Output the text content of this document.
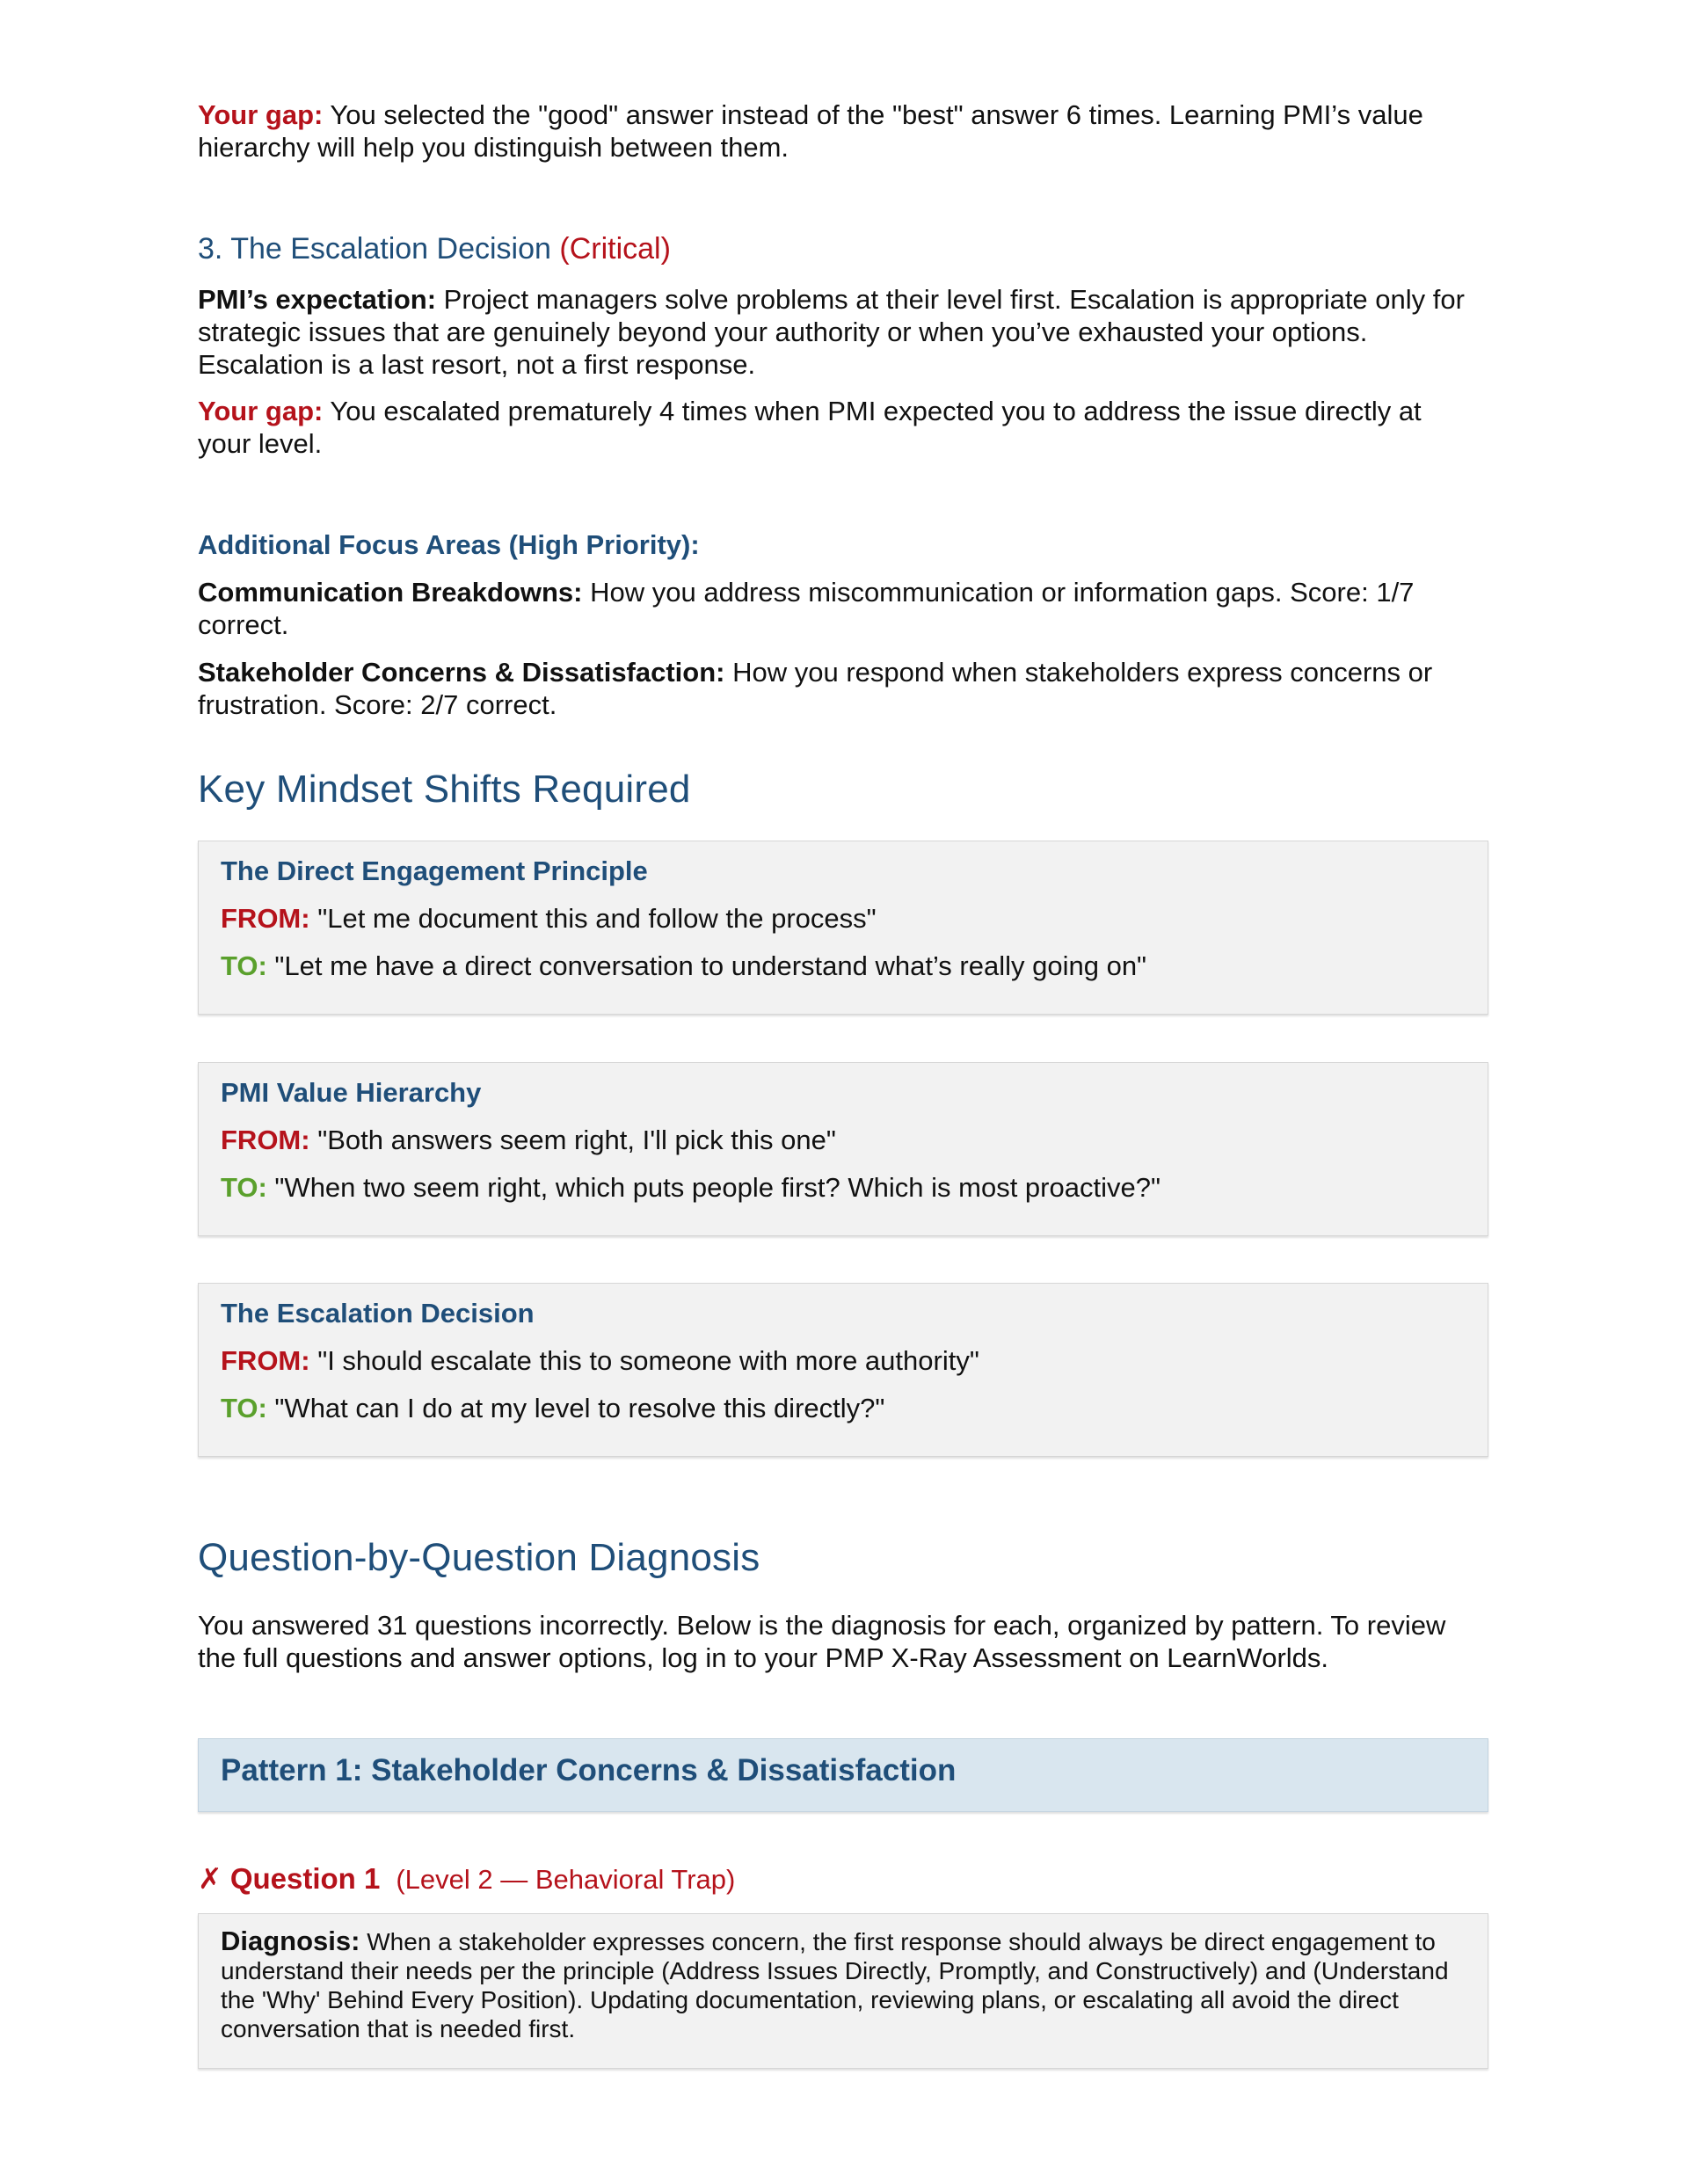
Your gap: You selected the "good" answer instead of the "best" answer 6 times. Learning PMI’s value hierarchy will help you distinguish between them.

3. The Escalation Decision (Critical)

PMI’s expectation: Project managers solve problems at their level first. Escalation is appropriate only for strategic issues that are genuinely beyond your authority or when you’ve exhausted your options. Escalation is a last resort, not a first response.

Your gap: You escalated prematurely 4 times when PMI expected you to address the issue directly at your level.

Additional Focus Areas (High Priority):

Communication Breakdowns: How you address miscommunication or information gaps. Score: 1/7 correct.

Stakeholder Concerns & Dissatisfaction: How you respond when stakeholders express concerns or frustration. Score: 2/7 correct.

Key Mindset Shifts Required
The Direct Engagement Principle
FROM: "Let me document this and follow the process"
TO: "Let me have a direct conversation to understand what’s really going on"
PMI Value Hierarchy
FROM: "Both answers seem right, I'll pick this one"
TO: "When two seem right, which puts people first? Which is most proactive?"
The Escalation Decision
FROM: "I should escalate this to someone with more authority"
TO: "What can I do at my level to resolve this directly?"
Question-by-Question Diagnosis

You answered 31 questions incorrectly. Below is the diagnosis for each, organized by pattern. To review the full questions and answer options, log in to your PMP X-Ray Assessment on LearnWorlds.

Pattern 1: Stakeholder Concerns & Dissatisfaction
✗ Question 1 (Level 2 — Behavioral Trap)
Diagnosis: When a stakeholder expresses concern, the first response should always be direct engagement to understand their needs per the principle (Address Issues Directly, Promptly, and Constructively) and (Understand the 'Why' Behind Every Position). Updating documentation, reviewing plans, or escalating all avoid the direct conversation that is needed first.
